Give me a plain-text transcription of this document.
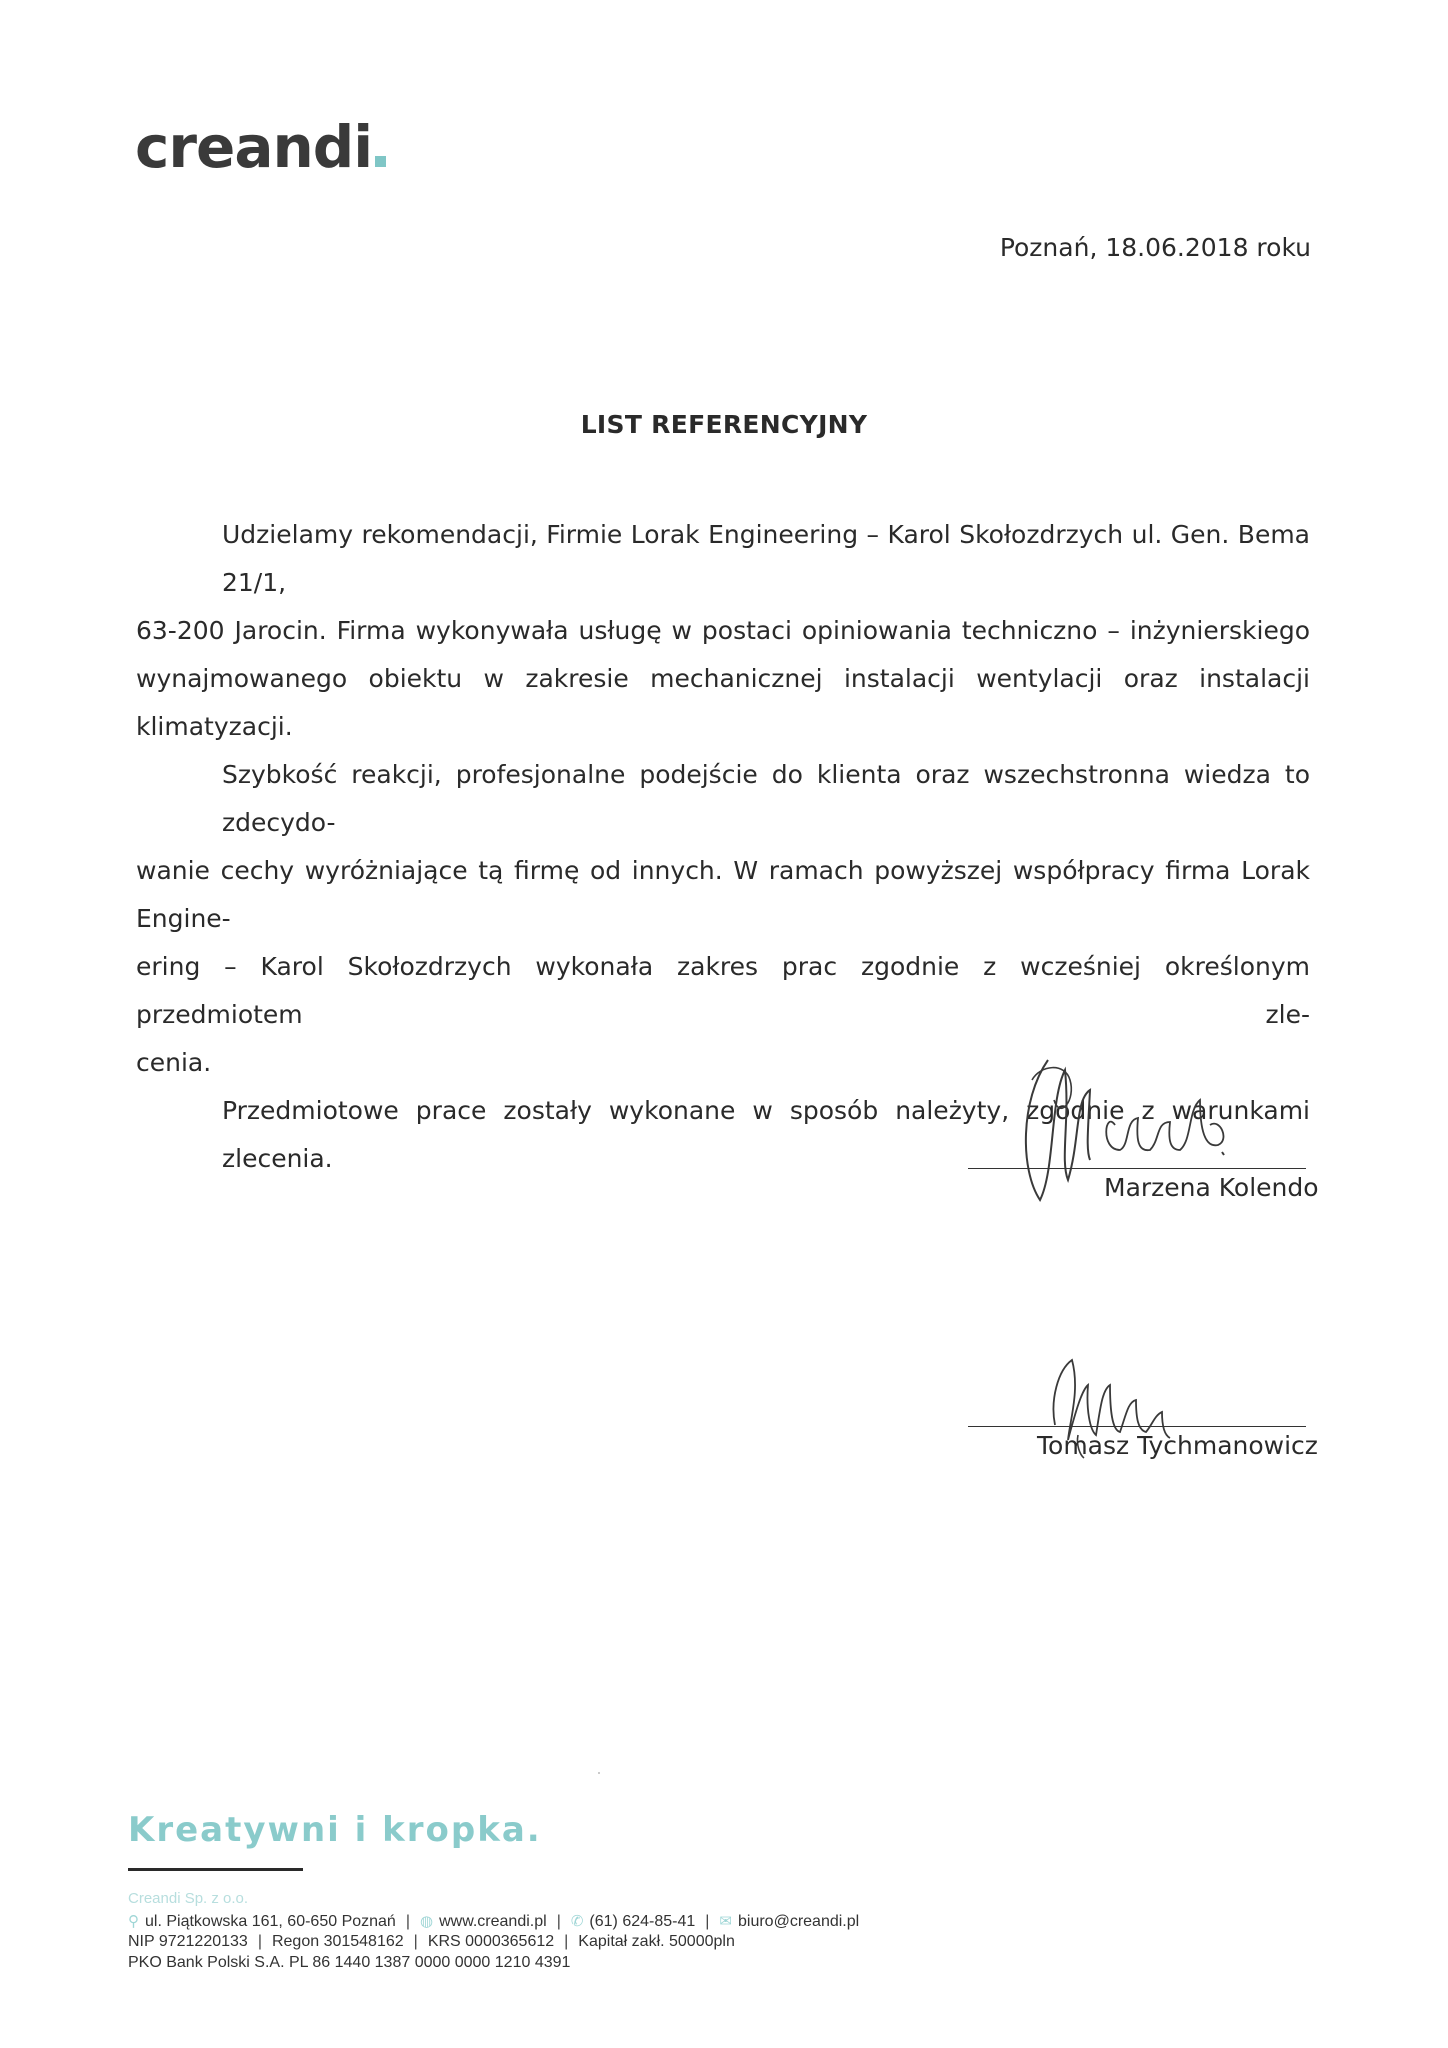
creandi
Poznań, 18.06.2018 roku
LIST REFERENCYJNY
Udzielamy rekomendacji, Firmie Lorak Engineering – Karol Skołozdrzych ul. Gen. Bema 21/1,
63-200 Jarocin. Firma wykonywała usługę w postaci opiniowania techniczno – inżynierskiego
wynajmowanego obiektu w zakresie mechanicznej instalacji wentylacji oraz instalacji klimatyzacji.
Szybkość reakcji, profesjonalne podejście do klienta oraz wszechstronna wiedza to zdecydo-
wanie cechy wyróżniające tą firmę od innych. W ramach powyższej współpracy firma Lorak Engine-
ering – Karol Skołozdrzych wykonała zakres prac zgodnie z wcześniej określonym przedmiotem zle-
cenia.
Przedmiotowe prace zostały wykonane w sposób należyty, zgodnie z warunkami zlecenia.
Marzena Kolendo
Tomasz Tychmanowicz
Kreatywni i kropka.
Creandi Sp. z o.o.
⚲ ul. Piątkowska 161, 60-650 Poznań | ◍ www.creandi.pl | ✆ (61) 624-85-41 | ✉ biuro@creandi.pl
NIP 9721220133 | Regon 301548162 | KRS 0000365612 | Kapitał zakł. 50000pln
PKO Bank Polski S.A. PL 86 1440 1387 0000 0000 1210 4391
